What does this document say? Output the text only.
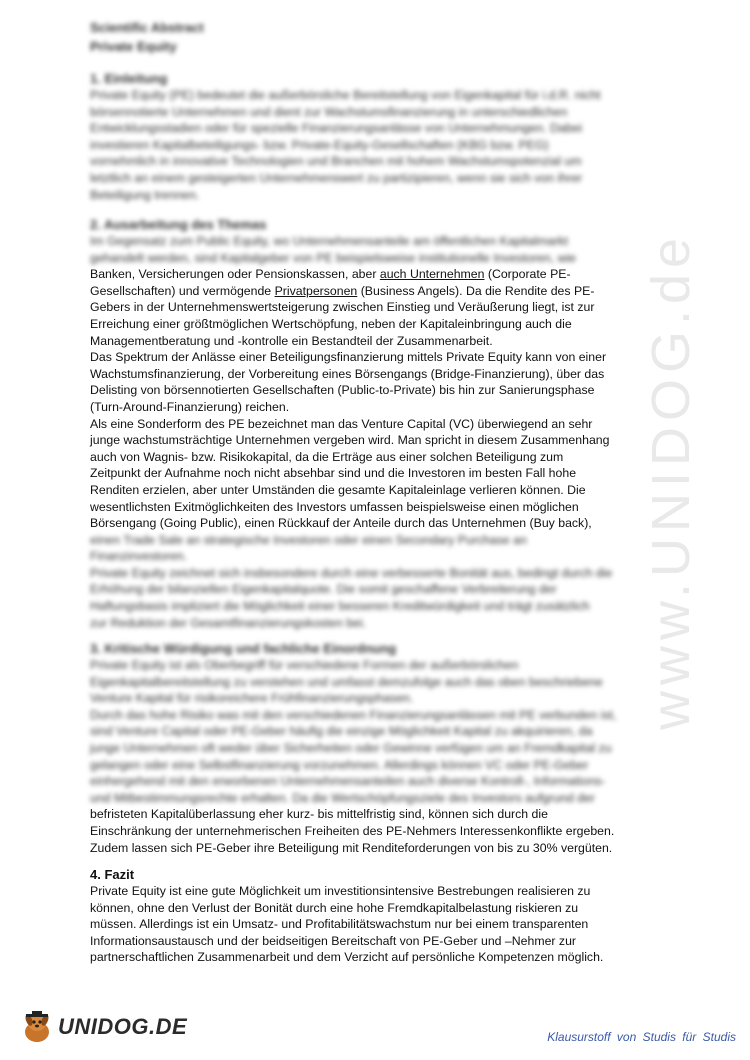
Scientific Abstract
Private Equity

1. Einleitung

Private Equity (PE) bedeutet die außerbörsliche Bereitstellung von Eigenkapital für i.d.R. nicht
börsennotierte Unternehmen und dient zur Wachstumsfinanzierung in unterschiedlichen
Entwicklungsstadien oder für spezielle Finanzierungsanlässe von Unternehmungen. Dabei
investieren Kapitalbeteiligungs- bzw. Private-Equity-Gesellschaften (KBG bzw. PEG)
vornehmlich in innovative Technologien und Branchen mit hohem Wachstumspotenzial um
letztlich an einem gesteigerten Unternehmenswert zu partizipieren, wenn sie sich von ihrer
Beteiligung trennen.

2. Ausarbeitung des Themas

Im Gegensatz zum Public Equity, wo Unternehmensanteile am öffentlichen Kapitalmarkt
gehandelt werden, sind Kapitalgeber von PE beispielsweise institutionelle Investoren, wie
Banken, Versicherungen oder Pensionskassen, aber auch Unternehmen (Corporate PE-
Gesellschaften) und vermögende Privatpersonen (Business Angels). Da die Rendite des PE-
Gebers in der Unternehmenswertsteigerung zwischen Einstieg und Veräußerung liegt, ist zur
Erreichung einer größtmöglichen Wertschöpfung, neben der Kapitaleinbringung auch die
Managementberatung und -kontrolle ein Bestandteil der Zusammenarbeit.
Das Spektrum der Anlässe einer Beteiligungsfinanzierung mittels Private Equity kann von einer
Wachstumsfinanzierung, der Vorbereitung eines Börsengangs (Bridge-Finanzierung), über das
Delisting von börsennotierten Gesellschaften (Public-to-Private) bis hin zur Sanierungsphase
(Turn-Around-Finanzierung) reichen.
Als eine Sonderform des PE bezeichnet man das Venture Capital (VC) überwiegend an sehr
junge wachstumsträchtige Unternehmen vergeben wird. Man spricht in diesem Zusammenhang
auch von Wagnis- bzw. Risikokapital, da die Erträge aus einer solchen Beteiligung zum
Zeitpunkt der Aufnahme noch nicht absehbar sind und die Investoren im besten Fall hohe
Renditen erzielen, aber unter Umständen die gesamte Kapitaleinlage verlieren können. Die
wesentlichsten Exitmöglichkeiten des Investors umfassen beispielsweise einen möglichen
Börsengang (Going Public), einen Rückkauf der Anteile durch das Unternehmen (Buy back),
einen Trade Sale an strategische Investoren oder einen Secondary Purchase an
Finanzinvestoren.
Private Equity zeichnet sich insbesondere durch eine verbesserte Bonität aus, bedingt durch die
Erhöhung der bilanziellen Eigenkapitalquote. Die somit geschaffene Verbreiterung der
Haftungsbasis impliziert die Möglichkeit einer besseren Kreditwürdigkeit und trägt zusätzlich
zur Reduktion der Gesamtfinanzierungskosten bei.

3. Kritische Würdigung und fachliche Einordnung

Private Equity ist als Oberbegriff für verschiedene Formen der außerbörslichen
Eigenkapitalbereitstellung zu verstehen und umfasst demzufolge auch das oben beschriebene
Venture Kapital für risikoreichere Frühfinanzierungsphasen.
Durch das hohe Risiko was mit den verschiedenen Finanzierungsanlässen mit PE verbunden ist,
sind Venture Capital oder PE-Geber häufig die einzige Möglichkeit Kapital zu akquirieren, da
junge Unternehmen oft weder über Sicherheiten oder Gewinne verfügen um an Fremdkapital zu
gelangen oder eine Selbstfinanzierung vorzunehmen. Allerdings können VC oder PE-Geber
einhergehend mit den erworbenen Unternehmensanteilen auch diverse Kontroll-, Informations-
und Mitbestimmungsrechte erhalten. Da die Wertschöpfungsziele des Investors aufgrund der
befristeten Kapitalüberlassung eher kurz- bis mittelfristig sind, können sich durch die
Einschränkung der unternehmerischen Freiheiten des PE-Nehmers Interessenkonflikte ergeben.
Zudem lassen sich PE-Geber ihre Beteiligung mit Renditeforderungen von bis zu 30% vergüten.

4. Fazit

Private Equity ist eine gute Möglichkeit um investitionsintensive Bestrebungen realisieren zu
können, ohne den Verlust der Bonität durch eine hohe Fremdkapitalbelastung riskieren zu
müssen. Allerdings ist ein Umsatz- und Profitabilitätswachstum nur bei einem transparenten
Informationsaustausch und der beidseitigen Bereitschaft von PE-Geber und –Nehmer zur
partnerschaftlichen Zusammenarbeit und dem Verzicht auf persönliche Kompetenzen möglich.
www.UNIDOG.de
UNIDOG.DE	Klausurstoff von Studis für Studis
